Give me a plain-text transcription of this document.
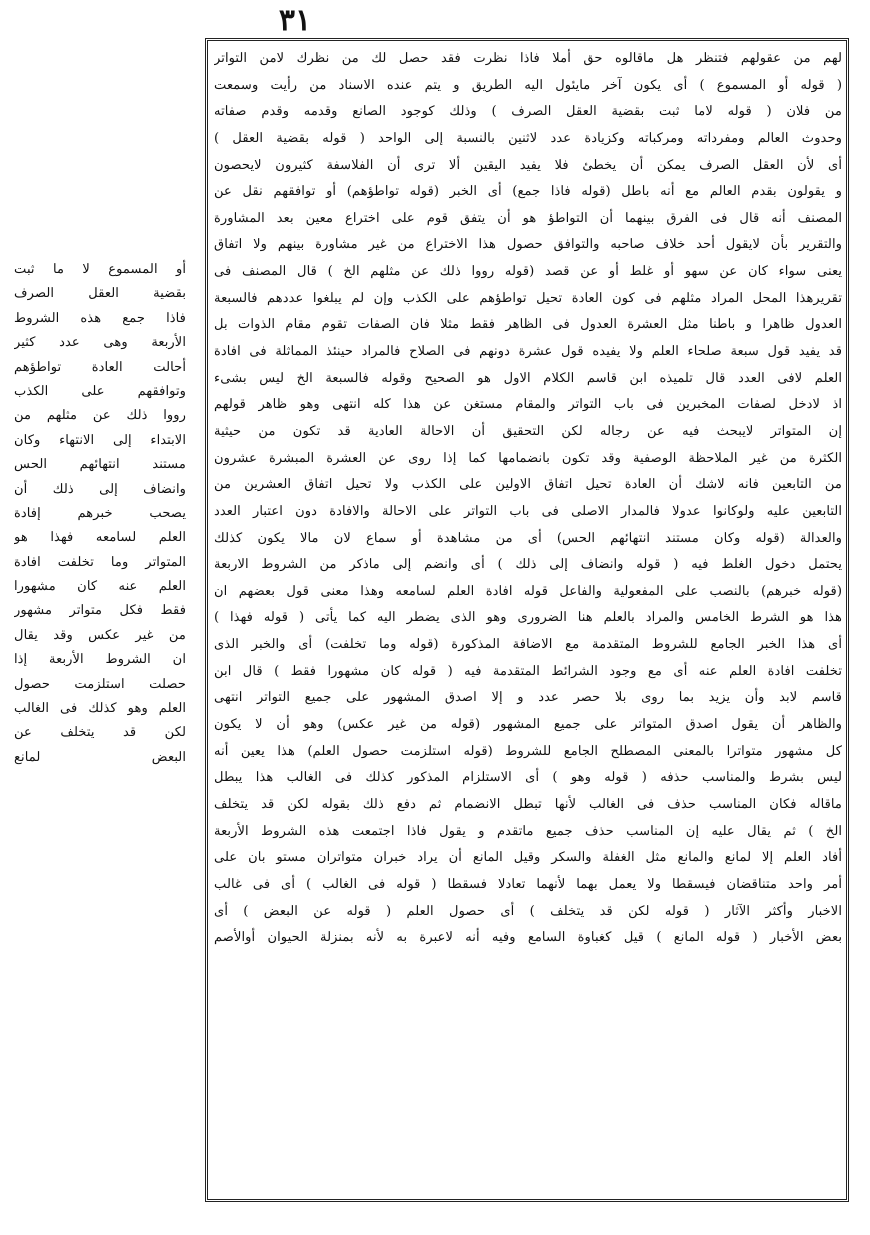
٣١
لهم من عقولهم فتنظر هل ماقالوه حق أملا فاذا نظرت فقد حصل لك من نظرك لامن التواتر
( قوله أو المسموع ) أى يكون آخر مايئول اليه الطريق و يتم عنده الاسناد من رأيت وسمعت
من فلان ( قوله لاما ثبت بقضية العقل الصرف ) وذلك كوجود الصانع وقدمه وقدم صفاته
وحدوث العالم ومفرداته ومركباته وكزيادة عدد لاثنين بالنسبة إلى الواحد ( قوله بقضية العقل )
أى لأن العقل الصرف يمكن أن يخطئ فلا يفيد اليقين ألا ترى أن الفلاسفة كثيرون لايحصون
و يقولون بقدم العالم مع أنه باطل (قوله فاذا جمع) أى الخبر (قوله تواطؤهم) أو توافقهم نقل عن
المصنف أنه قال فى الفرق بينهما أن التواطؤ هو أن يتفق قوم على اختراع معين بعد المشاورة
والتقرير بأن لايقول أحد خلاف صاحبه والتوافق حصول هذا الاختراع من غير مشاورة بينهم ولا اتفاق
يعنى سواء كان عن سهو أو غلط أو عن قصد (قوله رووا ذلك عن مثلهم الخ ) قال المصنف فى
تقريرهذا المحل المراد مثلهم فى كون العادة تحيل تواطؤهم على الكذب وإن لم يبلغوا عددهم فالسبعة
العدول ظاهرا و باطنا مثل العشرة العدول فى الظاهر فقط مثلا فان الصفات تقوم مقام الذوات بل
قد يفيد قول سبعة صلحاء العلم ولا يفيده قول عشرة دونهم فى الصلاح فالمراد حينئذ المماثلة فى افادة
العلم لافى العدد قال تلميذه ابن قاسم الكلام الاول هو الصحيح وقوله فالسبعة الخ ليس بشىء
اذ لادخل لصفات المخبرين فى باب التواتر والمقام مستغن عن هذا كله انتهى وهو ظاهر قولهم
إن المتواتر لايبحث فيه عن رجاله لكن التحقيق أن الاحالة العادية قد تكون من حيثية
الكثرة من غير الملاحظة الوصفية وقد تكون بانضمامها كما إذا روى عن العشرة المبشرة عشرون
من التابعين فانه لاشك أن العادة تحيل اتفاق الاولين على الكذب ولا تحيل اتفاق العشرين من
التابعين عليه ولوكانوا عدولا فالمدار الاصلى فى باب التواتر على الاحالة والافادة دون اعتبار العدد
والعدالة (قوله وكان مستند انتهائهم الحس) أى من مشاهدة أو سماع لان مالا يكون كذلك
يحتمل دخول الغلط فيه ( قوله وانضاف إلى ذلك ) أى وانضم إلى ماذكر من الشروط الاربعة
(قوله خبرهم) بالنصب على المفعولية والفاعل قوله افادة العلم لسامعه وهذا معنى قول بعضهم ان
هذا هو الشرط الخامس والمراد بالعلم هنا الضرورى وهو الذى يضطر اليه كما يأتى ( قوله فهذا )
أى هذا الخبر الجامع للشروط المتقدمة مع الاضافة المذكورة (قوله وما تخلفت) أى والخبر الذى
تخلفت افادة العلم عنه أى مع وجود الشرائط المتقدمة فيه ( قوله كان مشهورا فقط ) قال ابن
قاسم لابد وأن يزيد بما روى بلا حصر عدد و إلا اصدق المشهور على جميع التواتر انتهى
والظاهر أن يقول اصدق المتواتر على جميع المشهور (قوله من غير عكس) وهو أن لا يكون
كل مشهور متواترا بالمعنى المصطلح الجامع للشروط (قوله استلزمت حصول العلم) هذا يعين أنه
ليس بشرط والمناسب حذفه ( قوله وهو ) أى الاستلزام المذكور كذلك فى الغالب هذا يبطل
ماقاله فكان المناسب حذف فى الغالب لأنها تبطل الانضمام ثم دفع ذلك بقوله لكن قد يتخلف
الخ ) ثم يقال عليه إن المناسب حذف جميع ماتقدم و يقول فاذا اجتمعت هذه الشروط الأربعة
أفاد العلم إلا لمانع والمانع مثل الغفلة والسكر وقيل المانع أن يراد خبران متواتران مستو بان على
أمر واحد متناقضان فيسقطا ولا يعمل بهما لأنهما تعادلا فسقطا ( قوله فى الغالب ) أى فى غالب
الاخبار وأكثر الآثار ( قوله لكن قد يتخلف ) أى حصول العلم ( قوله عن البعض ) أى
بعض الأخبار ( قوله المانع ) قيل كغباوة السامع وفيه أنه لاعبرة به لأنه بمنزلة الحيوان أوالأصم
أو المسموع لا ما ثبت
بقضية العقل الصرف
فاذا جمع هذه الشروط
الأربعة وهى عدد كثير
أحالت العادة تواطؤهم
وتوافقهم على الكذب
رووا ذلك عن مثلهم من
الابتداء إلى الانتهاء وكان
مستند انتهائهم الحس
وانضاف إلى ذلك أن
يصحب خبرهم إفادة
العلم لسامعه فهذا هو
المتواتر وما تخلفت افادة
العلم عنه كان مشهورا
فقط فكل متواتر مشهور
من غير عكس وقد يقال
ان الشروط الأربعة إذا
حصلت استلزمت حصول
العلم وهو كذلك فى الغالب
لكن قد يتخلف عن
البعض لمانع
